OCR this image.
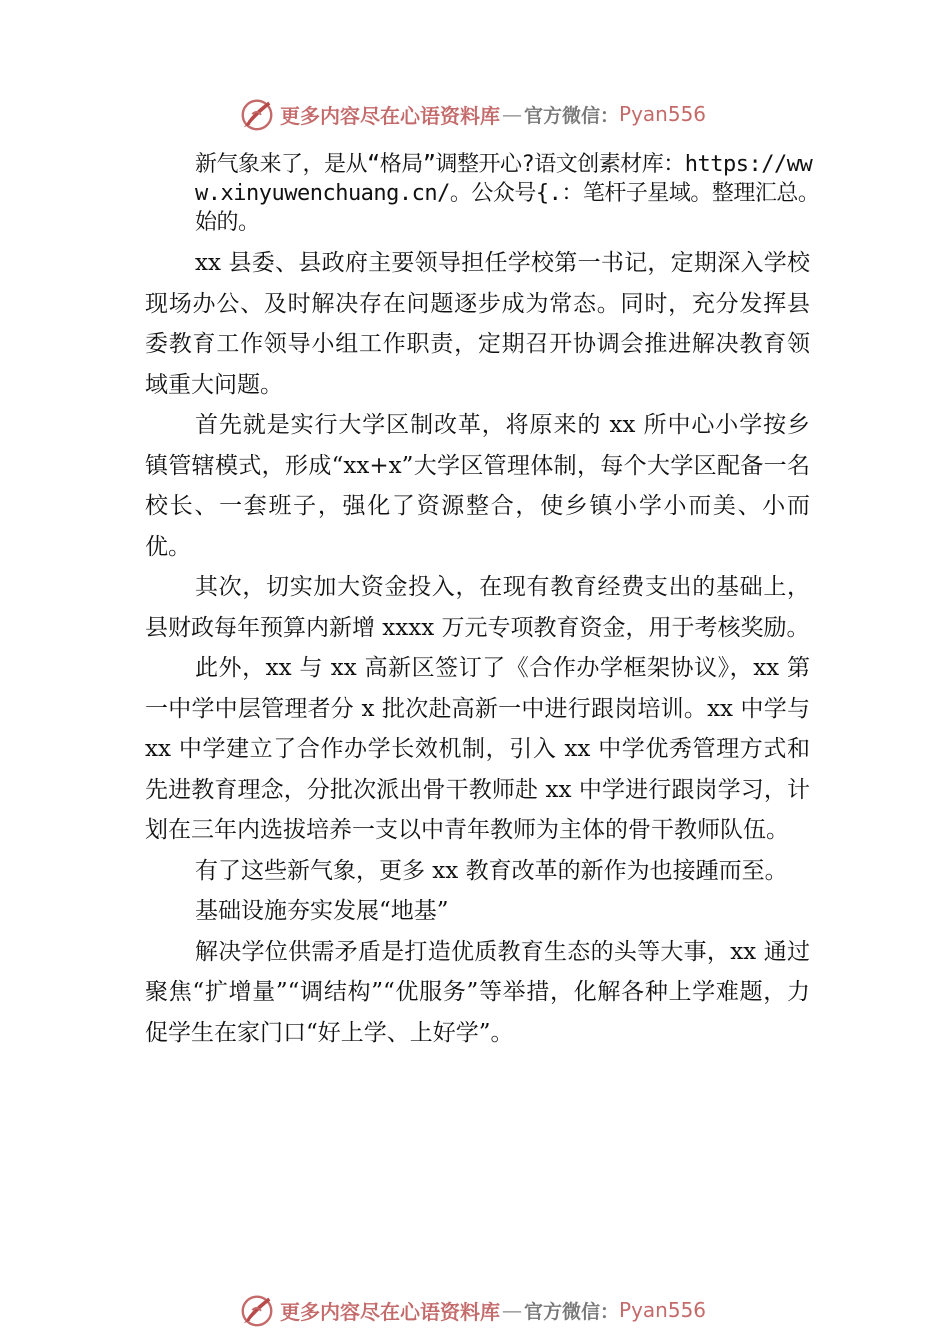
更多内容尽在心语资料库 — 官方微信： Pyan556

新气象来了，是从“格局”调整开心?语文创素材库：https://www.xinyuwenchuang.cn/。公众号{.：笔杆子星域。整理汇总。始的。

xx 县委、县政府主要领导担任学校第一书记，定期深入学校现场办公、及时解决存在问题逐步成为常态。同时，充分发挥县委教育工作领导小组工作职责，定期召开协调会推进解决教育领域重大问题。

首先就是实行大学区制改革，将原来的 xx 所中心小学按乡镇管辖模式，形成“xx+x”大学区管理体制，每个大学区配备一名校长、一套班子，强化了资源整合，使乡镇小学小而美、小而优。

其次，切实加大资金投入，在现有教育经费支出的基础上，县财政每年预算内新增 xxxx 万元专项教育资金，用于考核奖励。

此外，xx 与 xx 高新区签订了《合作办学框架协议》，xx 第一中学中层管理者分 x 批次赴高新一中进行跟岗培训。xx 中学与 xx 中学建立了合作办学长效机制，引入 xx 中学优秀管理方式和先进教育理念，分批次派出骨干教师赴 xx 中学进行跟岗学习，计划在三年内选拔培养一支以中青年教师为主体的骨干教师队伍。

有了这些新气象，更多 xx 教育改革的新作为也接踵而至。

基础设施夯实发展“地基”

解决学位供需矛盾是打造优质教育生态的头等大事，xx 通过聚焦“扩增量”“调结构”“优服务”等举措，化解各种上学难题，力促学生在家门口“好上学、上好学”。

更多内容尽在心语资料库 — 官方微信： Pyan556
